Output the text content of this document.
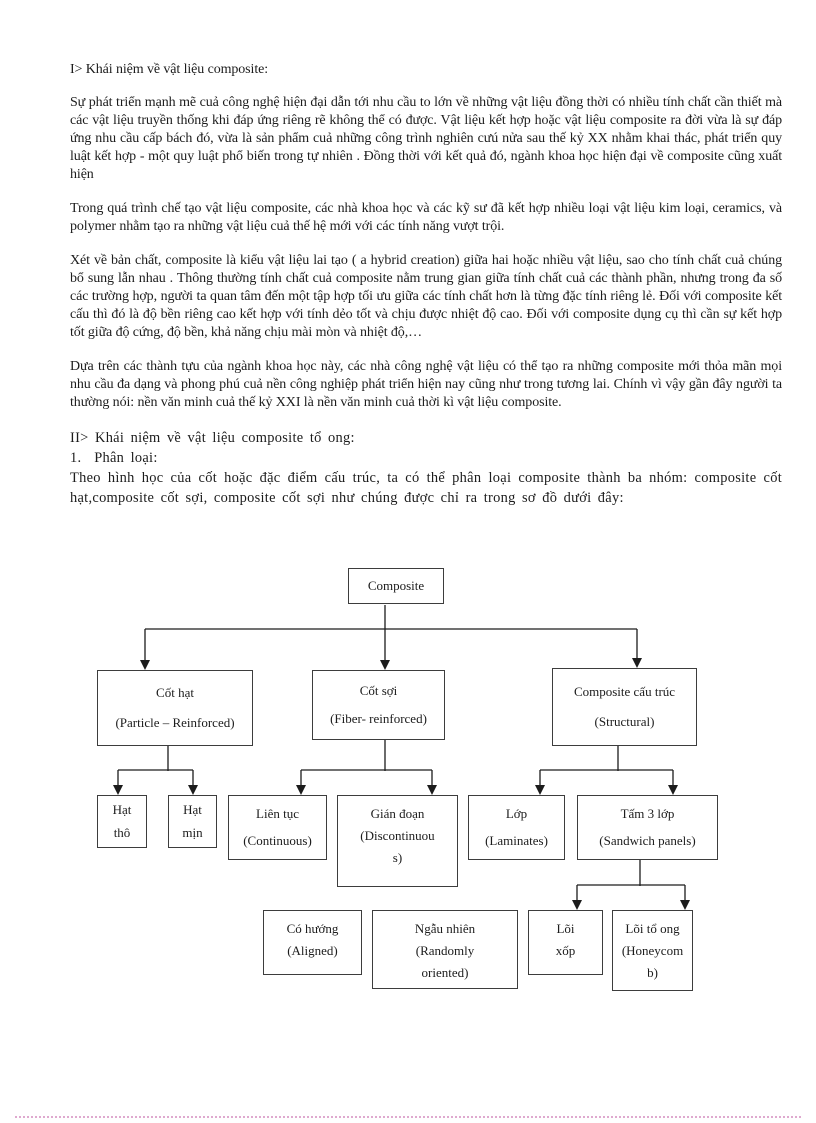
I> Khái niệm về vật liệu composite:

Sự phát triển mạnh mẽ cuả công nghệ hiện đại dẫn tới nhu cầu to lớn về những vật liệu đồng thời có nhiều tính chất cần thiết mà các vật liệu truyền thống khi đáp ứng riêng rẽ không thể có được. Vật liệu kết hợp hoặc vật liệu composite ra đời vừa là sự đáp ứng nhu cầu cấp bách đó, vừa là sản phẩm cuả những công trình nghiên cưú nửa sau thế kỷ XX nhằm khai thác, phát triển quy luật kết hợp - một quy luật phổ biến trong tự nhiên . Đồng thời với kết quả đó, ngành khoa học hiện đại về composite cũng xuất hiện

Trong quá trình chế tạo vật liệu composite, các nhà khoa học và các kỹ sư đã kết hợp nhiều loại vật liệu kim loại, ceramics, và polymer nhằm tạo ra những vật liệu cuả thế hệ mới với các tính năng vượt trội.

Xét về bản chất, composite là kiểu vật liệu lai tạo ( a hybrid creation) giữa hai hoặc nhiều vật liệu, sao cho tính chất cuả chúng bổ sung lẫn nhau . Thông thường tính chất cuả composite nằm trung gian giữa tính chất cuả các thành phần, nhưng trong đa số các trường hợp, người ta quan tâm đến một tập hợp tối ưu giữa các tính chất hơn là từng đặc tính riêng lẻ. Đối với composite kết cấu thì đó là độ bền riêng cao kết hợp với tính dẻo tốt và chịu được nhiệt độ cao. Đối với composite dụng cụ thì cần sự kết hợp tốt giữa độ cứng, độ bền, khả năng chịu mài mòn và nhiệt độ,…

Dựa trên các thành tựu của ngành khoa học này, các nhà công nghệ vật liệu có thể tạo ra những composite mới thỏa mãn mọi nhu cầu đa dạng và phong phú cuả nền công nghiệp phát triển hiện nay cũng như trong tương lai. Chính vì vậy gần đây người ta thường nói: nền văn minh cuả thế kỷ XXI là nền văn minh cuả thời kì vật liệu composite.

II> Khái niệm về vật liệu composite tổ ong:
1.  Phân loại:

Theo hình học của cốt hoặc đặc điểm cấu trúc, ta có thể phân loại composite thành ba nhóm: composite cốt hạt,composite cốt sợi, composite cốt sợi như chúng được chỉ ra trong sơ đồ dưới đây:

Composite
Cốt hạt
(Particle – Reinforced)
Cốt sợi
(Fiber- reinforced)
Composite cấu trúc
(Structural)
Hạt
thô
Hạt
mịn
Liên tục
(Continuous)
Gián đoạn
(Discontinuou
s)
Lớp
(Laminates)
Tấm 3 lớp
(Sandwich panels)
Có hướng
(Aligned)
Ngẫu nhiên
(Randomly
oriented)
Lõi
xốp
Lõi tổ ong
(Honeycom
b)
